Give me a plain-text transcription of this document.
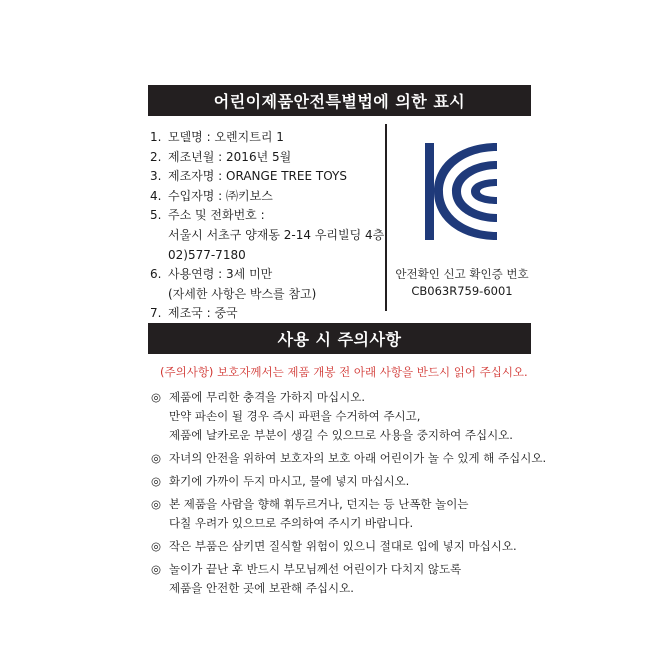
어린이제품안전특별법에 의한 표시
1. 모델명 : 오렌지트리 1
2. 제조년월 : 2016년 5월
3. 제조자명 : ORANGE TREE TOYS
4. 수입자명 : ㈜키보스
5. 주소 및 전화번호 :
서울시 서초구 양재동 2-14 우리빌딩 4층
02)577-7180
6. 사용연령 : 3세 미만
(자세한 사항은 박스를 참고)
7. 제조국 : 중국
안전확인 신고 확인증 번호
CB063R759-6001
사용 시 주의사항
(주의사항) 보호자께서는 제품 개봉 전 아래 사항을 반드시 읽어 주십시오.
◎ 제품에 무리한 충격을 가하지 마십시오.
만약 파손이 될 경우 즉시 파편을 수거하여 주시고,
제품에 날카로운 부분이 생길 수 있으므로 사용을 중지하여 주십시오.
◎ 자녀의 안전을 위하여 보호자의 보호 아래 어린이가 놀 수 있게 해 주십시오.
◎ 화기에 가까이 두지 마시고, 물에 넣지 마십시오.
◎ 본 제품을 사람을 향해 휘두르거나, 던지는 등 난폭한 놀이는
다칠 우려가 있으므로 주의하여 주시기 바랍니다.
◎ 작은 부품은 삼키면 질식할 위험이 있으니 절대로 입에 넣지 마십시오.
◎ 놀이가 끝난 후 반드시 부모님께선 어린이가 다치지 않도록
제품을 안전한 곳에 보관해 주십시오.
